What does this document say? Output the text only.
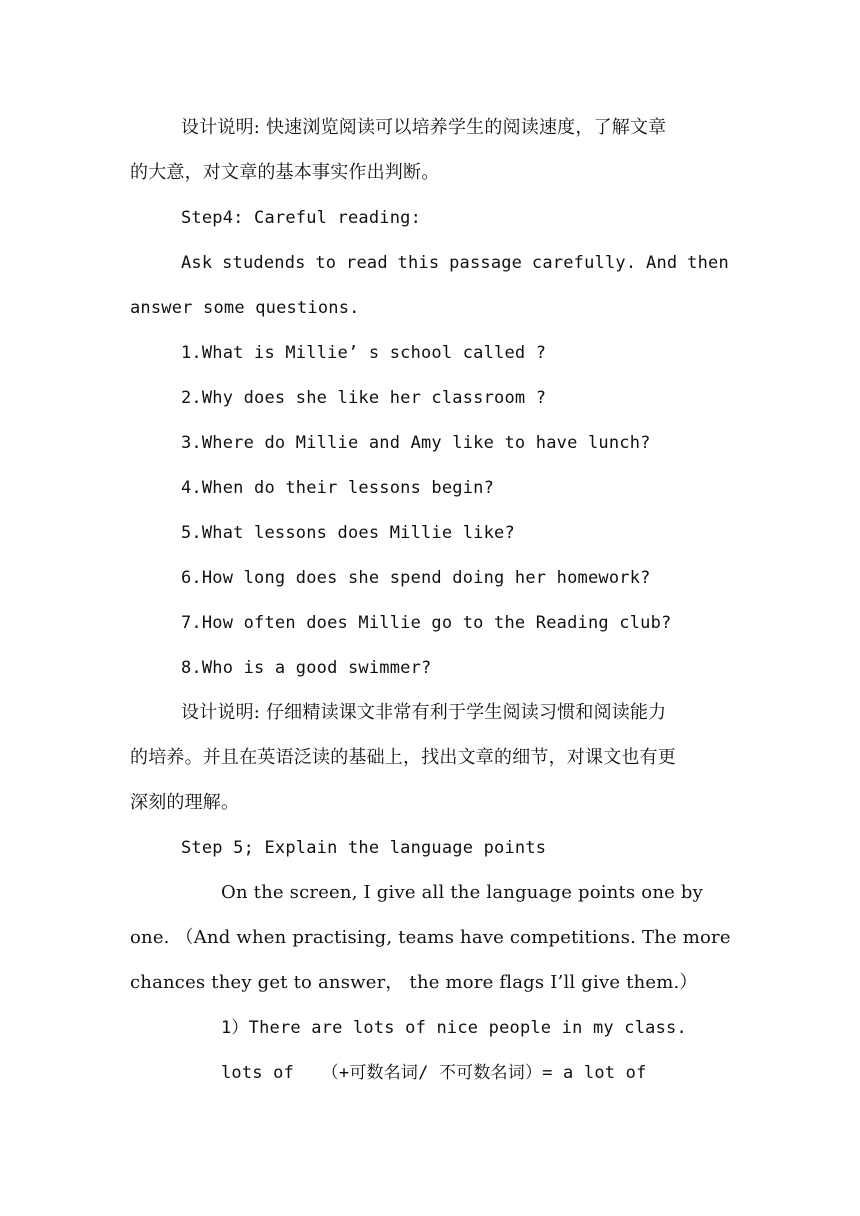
设计说明: 快速浏览阅读可以培养学生的阅读速度，了解文章
的大意，对文章的基本事实作出判断。
Step4: Careful reading:
Ask studends to read this passage carefully. And then
answer some questions.
1.What is Millie’ s school called ?
2.Why does she like her classroom ?
3.Where do Millie and Amy like to have lunch?
4.When do their lessons begin?
5.What lessons does Millie like?
6.How long does she spend doing her homework?
7.How often does Millie go to the Reading club?
8.Who is a good swimmer?
设计说明: 仔细精读课文非常有利于学生阅读习惯和阅读能力
的培养。并且在英语泛读的基础上，找出文章的细节，对课文也有更
深刻的理解。
Step 5; Explain the language points
On the screen, I give all the language points one by
one. （And when practising, teams have competitions. The more
chances they get to answer， the more flags I’ll give them.）
1）There are lots of nice people in my class.
lots of　 （+可数名词/ 不可数名词）= a lot of
